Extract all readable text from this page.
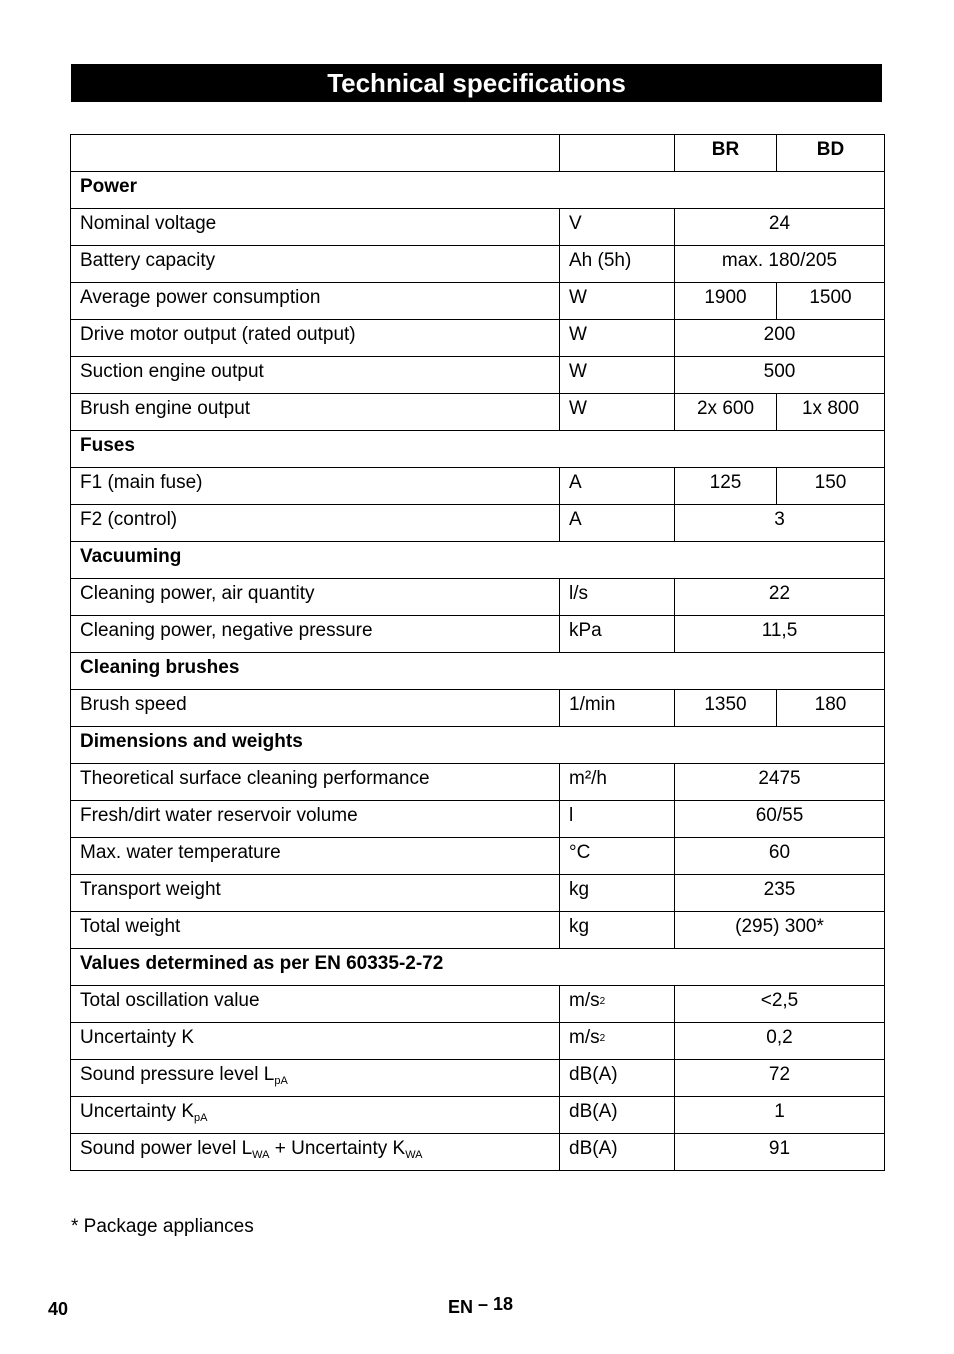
Technical specifications
		BR	BD
Power			
Nominal voltage	V	24	
Battery capacity	Ah (5h)	max. 180/205	
Average power consumption	W	1900	1500
Drive motor output (rated output)	W	200	
Suction engine output	W	500	
Brush engine output	W	2x 600	1x 800
Fuses			
F1 (main fuse)	A	125	150
F2 (control)	A	3	
Vacuuming			
Cleaning power, air quantity	l/s	22	
Cleaning power, negative pressure	kPa	11,5	
Cleaning brushes			
Brush speed	1/min	1350	180
Dimensions and weights			
Theoretical surface cleaning performance	m²/h	2475	
Fresh/dirt water reservoir volume	l	60/55	
Max. water temperature	°C	60	
Transport weight	kg	235	
Total weight	kg	(295) 300*	
Values determined as per EN 60335-2-72			
Total oscillation value	$m/s^2$	<2,5	
Uncertainty K	$m/s^2$	0,2	
Sound pressure level $L_{pA}$	dB(A)	72	
Uncertainty $K_{pA}$	dB(A)	1	
Sound power level $L_{WA}$ + Uncertainty $K_{WA}$	dB(A)	91	
* Package appliances
40	EN – 18
